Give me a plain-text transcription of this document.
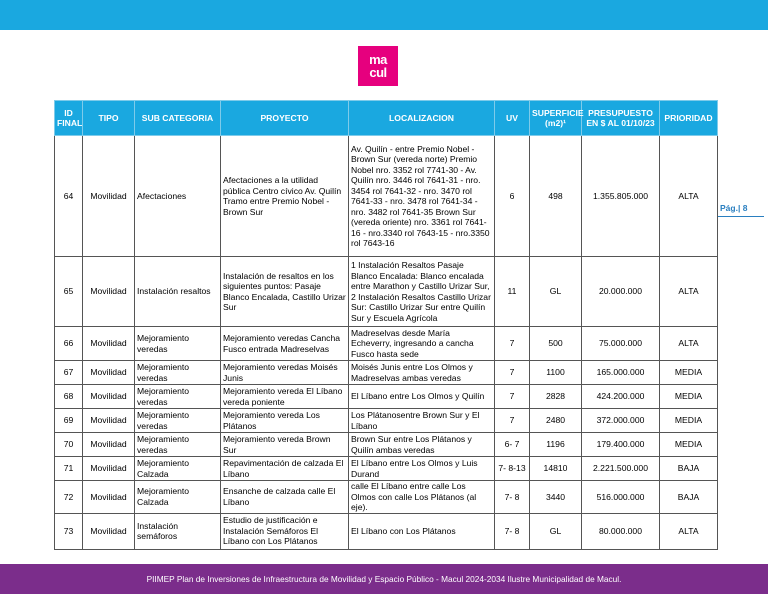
ma
cul
ID FINAL	TIPO	SUB CATEGORIA	PROYECTO	LOCALIZACION	UV	SUPERFICIE (m2)¹	PRESUPUESTO EN $ AL 01/10/23	PRIORIDAD
64	Movilidad	Afectaciones	Afectaciones a la utilidad pública Centro cívico Av. Quilín Tramo entre Premio Nobel - Brown Sur	Av. Quilín - entre Premio Nobel - Brown Sur (vereda norte) Premio Nobel nro. 3352 rol 7741-30 - Av. Quilín nro. 3446 rol 7641-31 - nro. 3454 rol 7641-32 - nro. 3470 rol 7641-33 - nro. 3478 rol 7641-34 - nro. 3482 rol 7641-35 Brown Sur (vereda oriente) nro. 3361 rol 7641-16 - nro.3340 rol 7643-15 - nro.3350 rol 7643-16	6	498	1.355.805.000	ALTA
65	Movilidad	Instalación resaltos	Instalación de resaltos en los siguientes puntos: Pasaje Blanco Encalada, Castillo Urizar Sur	1 Instalación Resaltos Pasaje Blanco Encalada: Blanco encalada entre Marathon y Castillo Urizar Sur, 2 Instalación Resaltos Castillo Urizar Sur: Castillo Urizar Sur entre Quilín Sur y Escuela Agrícola	11	GL	20.000.000	ALTA
66	Movilidad	Mejoramiento veredas	Mejoramiento veredas Cancha Fusco entrada Madreselvas	Madreselvas desde María Echeverry, ingresando a cancha Fusco hasta sede	7	500	75.000.000	ALTA
67	Movilidad	Mejoramiento veredas	Mejoramiento veredas Moisés Junis	Moisés Junis entre Los Olmos y Madreselvas ambas veredas	7	1100	165.000.000	MEDIA
68	Movilidad	Mejoramiento veredas	Mejoramiento vereda El Líbano vereda poniente	El Líbano entre Los Olmos y Quilín	7	2828	424.200.000	MEDIA
69	Movilidad	Mejoramiento veredas	Mejoramiento vereda Los Plátanos	Los Plátanosentre Brown Sur y El Líbano	7	2480	372.000.000	MEDIA
70	Movilidad	Mejoramiento veredas	Mejoramiento vereda Brown Sur	Brown Sur entre Los Plátanos y Quilín ambas veredas	6- 7	1196	179.400.000	MEDIA
71	Movilidad	Mejoramiento Calzada	Repavimentación de calzada El Líbano	El Líbano entre Los Olmos y Luis Durand	7- 8-13	14810	2.221.500.000	BAJA
72	Movilidad	Mejoramiento Calzada	Ensanche de calzada calle El Líbano	calle El Líbano entre calle Los Olmos con calle Los Plátanos (al eje).	7- 8	3440	516.000.000	BAJA
73	Movilidad	Instalación semáforos	Estudio de justificación e Instalación Semáforos El Líbano con Los Plátanos	El Líbano con Los Plátanos	7- 8	GL	80.000.000	ALTA
Pág.| 8
PIIMEP Plan de Inversiones de Infraestructura de Movilidad y Espacio Público - Macul 2024-2034 Ilustre Municipalidad de Macul.
